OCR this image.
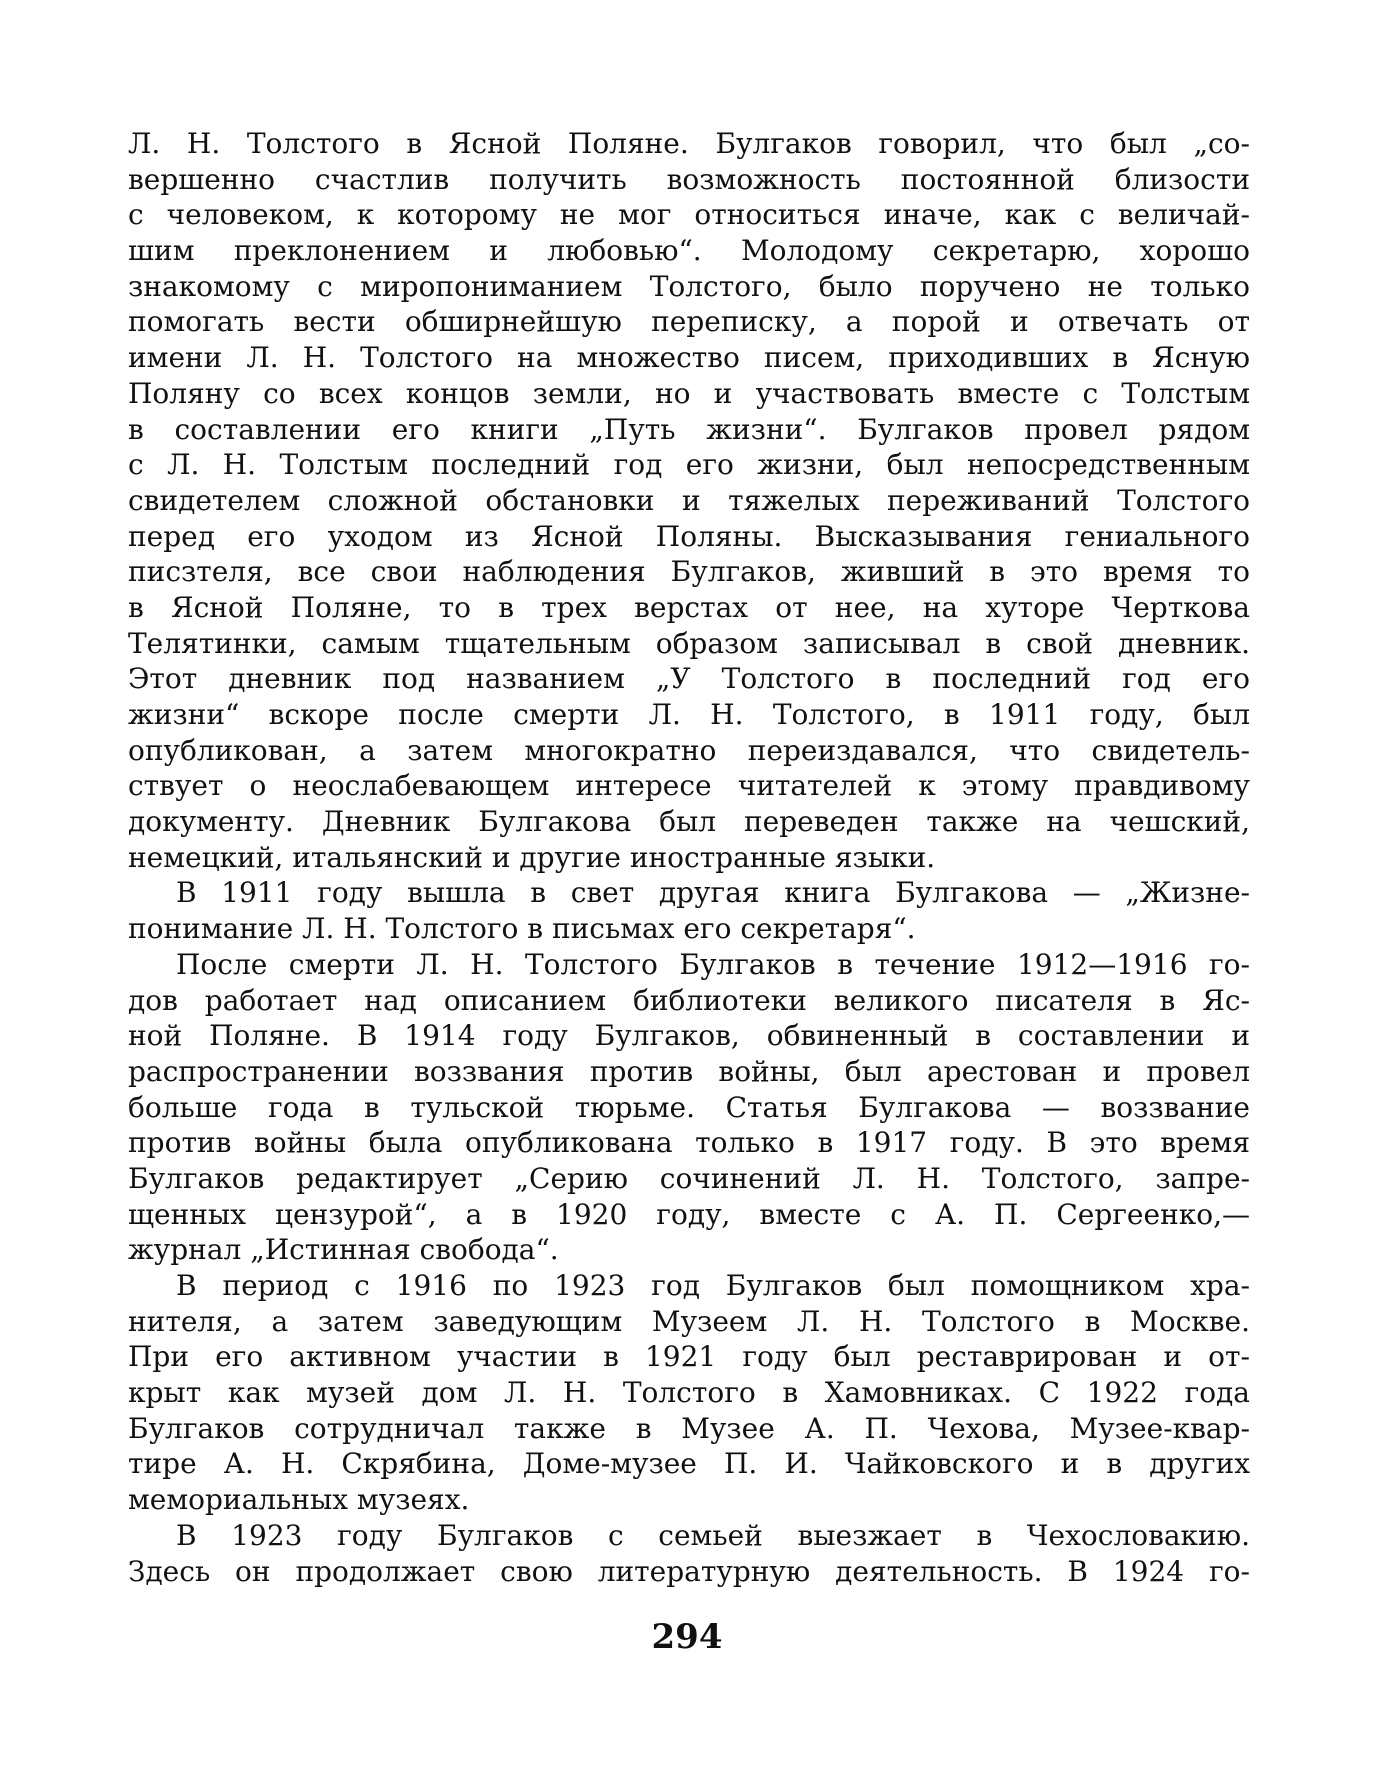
Л. Н. Толстого в Ясной Поляне. Булгаков говорил, что был „со-
вершенно счастлив получить возможность постоянной близости
с человеком, к которому не мог относиться иначе, как с величай-
шим преклонением и любовью“. Молодому секретарю, хорошо
знакомому с миропониманием Толстого, было поручено не только
помогать вести обширнейшую переписку, а порой и отвечать от
имени Л. Н. Толстого на множество писем, приходивших в Ясную
Поляну со всех концов земли, но и участвовать вместе с Толстым
в составлении его книги „Путь жизни“. Булгаков провел рядом
с Л. Н. Толстым последний год его жизни, был непосредственным
свидетелем сложной обстановки и тяжелых переживаний Толстого
перед его уходом из Ясной Поляны. Высказывания гениального
писзтеля, все свои наблюдения Булгаков, живший в это время то
в Ясной Поляне, то в трех верстах от нее, на хуторе Черткова
Телятинки, самым тщательным образом записывал в свой дневник.
Этот дневник под названием „У Толстого в последний год его
жизни“ вскоре после смерти Л. Н. Толстого, в 1911 году, был
опубликован, а затем многократно переиздавался, что свидетель-
ствует о неослабевающем интересе читателей к этому правдивому
документу. Дневник Булгакова был переведен также на чешский,
немецкий, итальянский и другие иностранные языки.
В 1911 году вышла в свет другая книга Булгакова — „Жизне-
понимание Л. Н. Толстого в письмах его секретаря“.
После смерти Л. Н. Толстого Булгаков в течение 1912—1916 го-
дов работает над описанием библиотеки великого писателя в Яс-
ной Поляне. В 1914 году Булгаков, обвиненный в составлении и
распространении воззвания против войны, был арестован и провел
больше года в тульской тюрьме. Статья Булгакова — воззвание
против войны была опубликована только в 1917 году. В это время
Булгаков редактирует „Серию сочинений Л. Н. Толстого, запре-
щенных цензурой“, а в 1920 году, вместе с А. П. Сергеенко,—
журнал „Истинная свобода“.
В период с 1916 по 1923 год Булгаков был помощником хра-
нителя, а затем заведующим Музеем Л. Н. Толстого в Москве.
При его активном участии в 1921 году был реставрирован и от-
крыт как музей дом Л. Н. Толстого в Хамовниках. С 1922 года
Булгаков сотрудничал также в Музее А. П. Чехова, Музее-квар-
тире А. Н. Скрябина, Доме-музее П. И. Чайковского и в других
мемориальных музеях.
В 1923 году Булгаков с семьей выезжает в Чехословакию.
Здесь он продолжает свою литературную деятельность. В 1924 го-
294
